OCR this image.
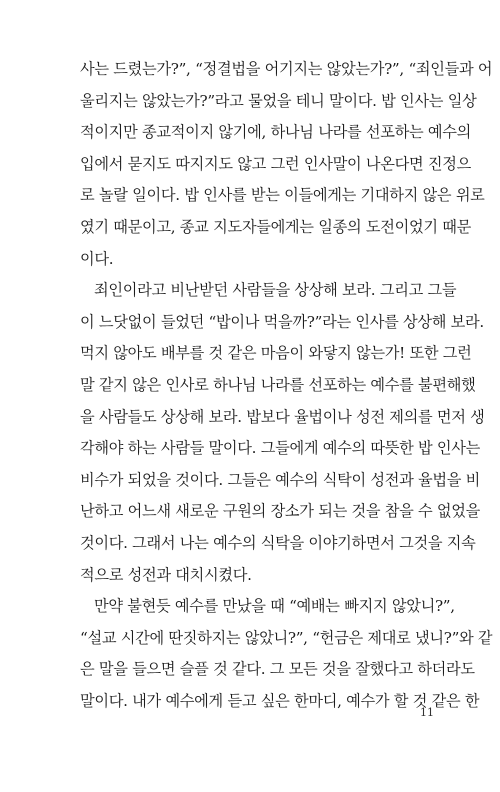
사는 드렸는가?”, “정결법을 어기지는 않았는가?”, “죄인들과 어
울리지는 않았는가?”라고 물었을 테니 말이다. 밥 인사는 일상
적이지만 종교적이지 않기에, 하나님 나라를 선포하는 예수의
입에서 묻지도 따지지도 않고 그런 인사말이 나온다면 진정으
로 놀랄 일이다. 밥 인사를 받는 이들에게는 기대하지 않은 위로
였기 때문이고, 종교 지도자들에게는 일종의 도전이었기 때문
이다.
죄인이라고 비난받던 사람들을 상상해 보라. 그리고 그들
이 느닷없이 들었던 “밥이나 먹을까?”라는 인사를 상상해 보라.
먹지 않아도 배부를 것 같은 마음이 와닿지 않는가! 또한 그런
말 같지 않은 인사로 하나님 나라를 선포하는 예수를 불편해했
을 사람들도 상상해 보라. 밥보다 율법이나 성전 제의를 먼저 생
각해야 하는 사람들 말이다. 그들에게 예수의 따뜻한 밥 인사는
비수가 되었을 것이다. 그들은 예수의 식탁이 성전과 율법을 비
난하고 어느새 새로운 구원의 장소가 되는 것을 참을 수 없었을
것이다. 그래서 나는 예수의 식탁을 이야기하면서 그것을 지속
적으로 성전과 대치시켰다.
만약 불현듯 예수를 만났을 때 “예배는 빠지지 않았니?”,
“설교 시간에 딴짓하지는 않았니?”, “헌금은 제대로 냈니?”와 같
은 말을 들으면 슬플 것 같다. 그 모든 것을 잘했다고 하더라도
말이다. 내가 예수에게 듣고 싶은 한마디, 예수가 할 것 같은 한
11
